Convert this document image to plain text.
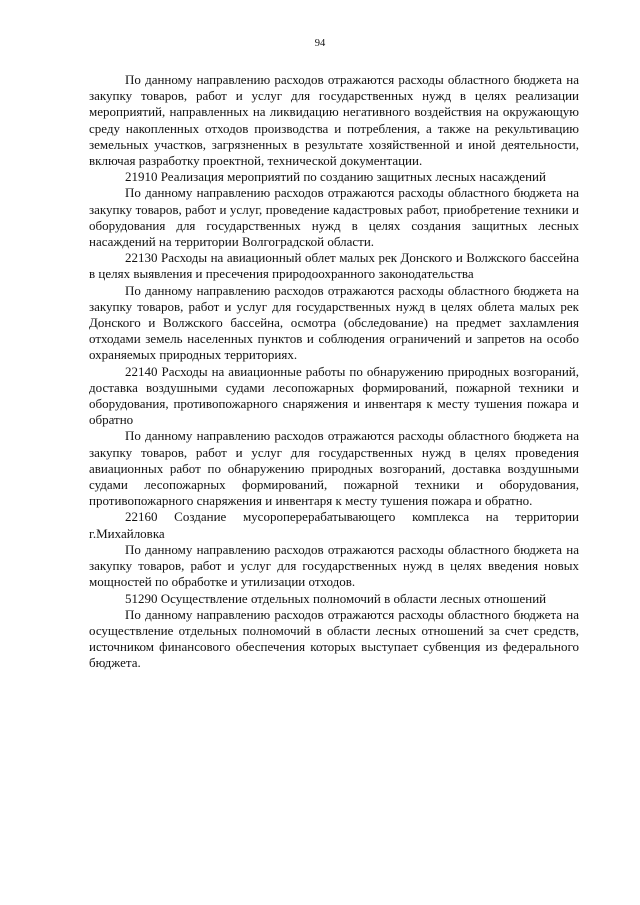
94

По данному направлению расходов отражаются расходы областного бюджета на закупку товаров, работ и услуг для государственных нужд в целях реализации мероприятий, направленных на ликвидацию негативного воздействия на окружающую среду накопленных отходов производства и потребления, а также на рекультивацию земельных участков, загрязненных в результате хозяйственной и иной деятельности, включая разработку проектной, технической документации.

21910 Реализация мероприятий по созданию защитных лесных насаждений

По данному направлению расходов отражаются расходы областного бюджета на закупку товаров, работ и услуг, проведение кадастровых работ, приобретение техники и оборудования для государственных нужд в целях создания защитных лесных насаждений на территории Волгоградской области.

22130 Расходы на авиационный облет малых рек Донского и Волжского бассейна в целях выявления и пресечения природоохранного законодательства

По данному направлению расходов отражаются расходы областного бюджета на закупку товаров, работ и услуг для государственных нужд в целях облета малых рек Донского и Волжского бассейна, осмотра (обследование) на предмет захламления отходами земель населенных пунктов и соблюдения ограничений и запретов на особо охраняемых природных территориях.

22140 Расходы на авиационные работы по обнаружению природных возгораний, доставка воздушными судами лесопожарных формирований, пожарной техники и оборудования, противопожарного снаряжения и инвентаря к месту тушения пожара и обратно

По данному направлению расходов отражаются расходы областного бюджета на закупку товаров, работ и услуг для государственных нужд в целях проведения авиационных работ по обнаружению природных возгораний, доставка воздушными судами лесопожарных формирований, пожарной техники и оборудования, противопожарного снаряжения и инвентаря к месту тушения пожара и обратно.

22160 Создание мусороперерабатывающего комплекса на территории г.Михайловка

По данному направлению расходов отражаются расходы областного бюджета на закупку товаров, работ и услуг для государственных нужд в целях введения новых мощностей по обработке и утилизации отходов.

51290 Осуществление отдельных полномочий в области лесных отношений

По данному направлению расходов отражаются расходы областного бюджета на осуществление отдельных полномочий в области лесных отношений за счет средств, источником финансового обеспечения которых выступает субвенция из федерального бюджета.
